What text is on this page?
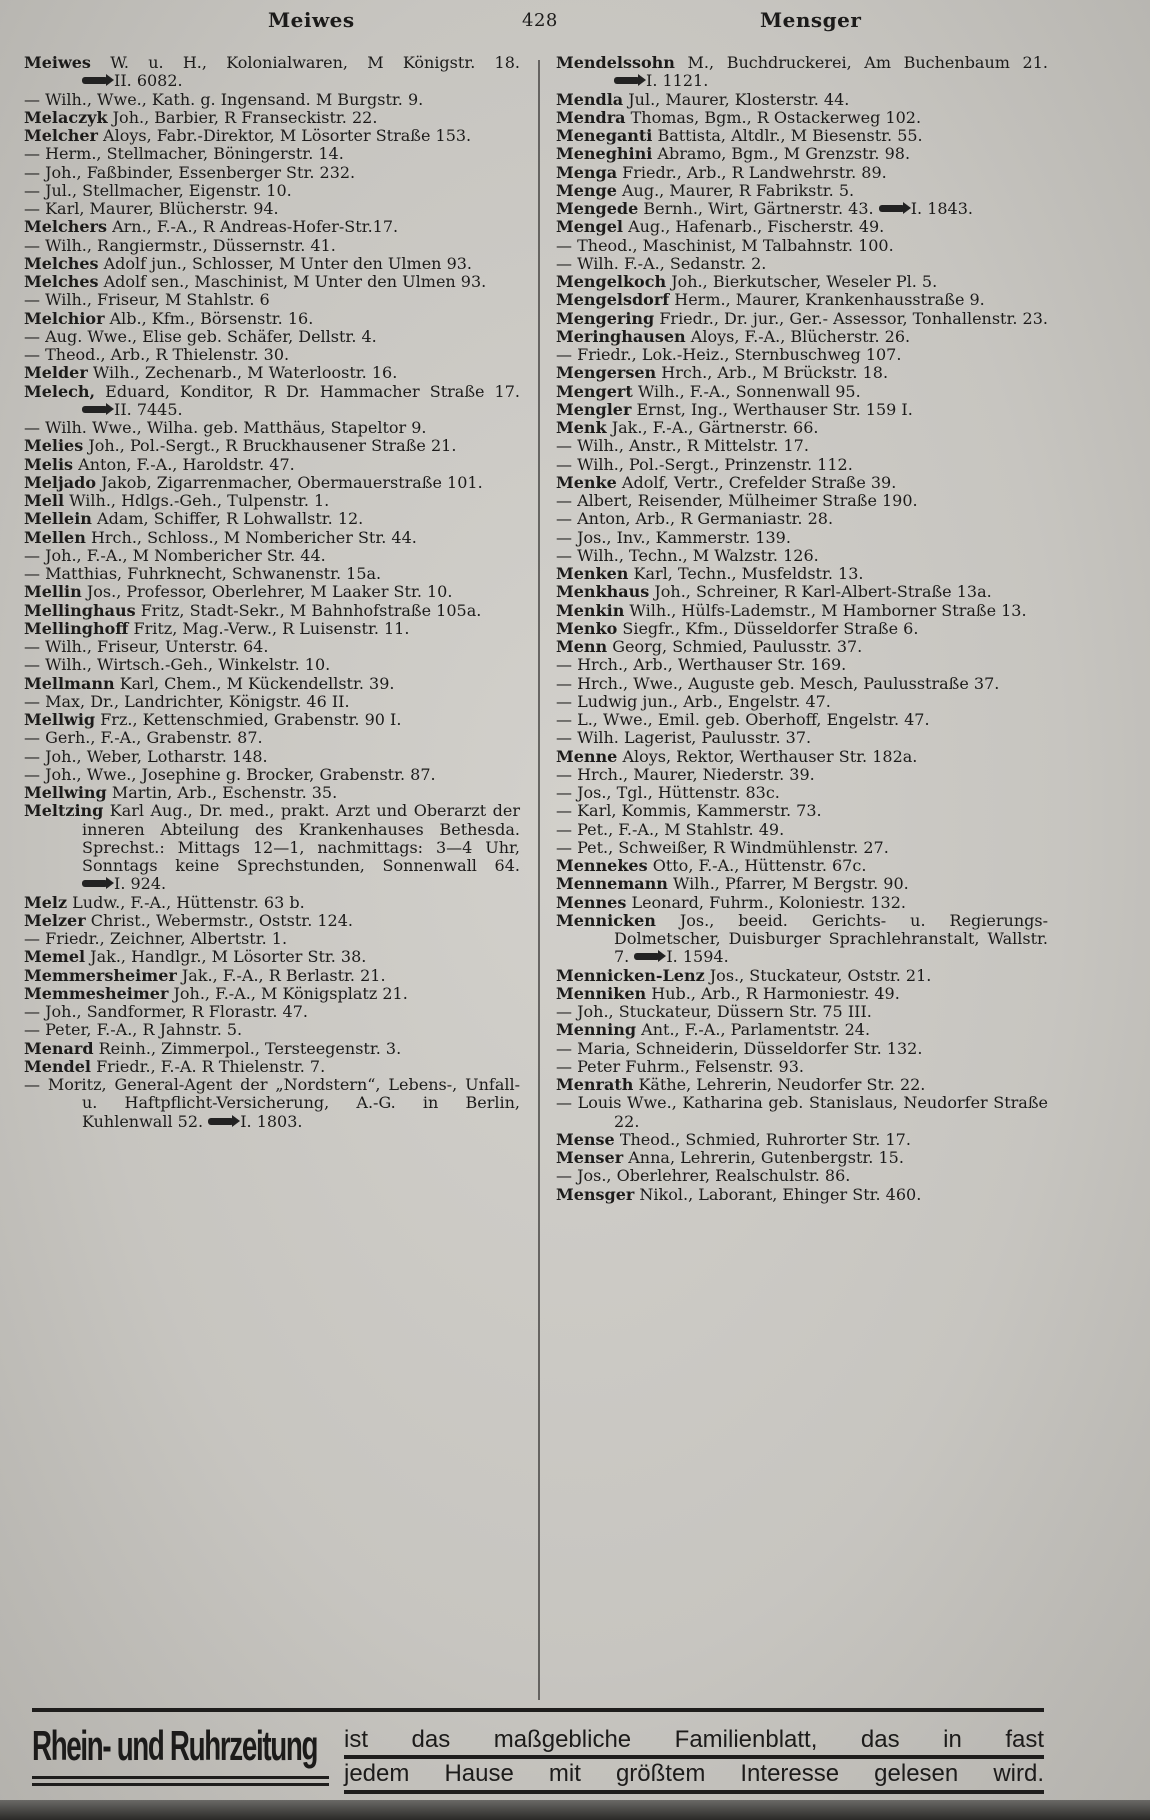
Meiwes	428	Mensger

Meiwes W. u. H., Kolonialwaren, M Königstr. 18. II. 6082.

— Wilh., Wwe., Kath. g. Ingensand. M Burgstr. 9.

Melaczyk Joh., Barbier, R Franseckistr. 22.

Melcher Aloys, Fabr.-Direktor, M Lösorter Straße 153.

— Herm., Stellmacher, Böningerstr. 14.

— Joh., Faßbinder, Essenberger Str. 232.

— Jul., Stellmacher, Eigenstr. 10.

— Karl, Maurer, Blücherstr. 94.

Melchers Arn., F.-A., R Andreas-Hofer-Str.17.

— Wilh., Rangiermstr., Düssernstr. 41.

Melches Adolf jun., Schlosser, M Unter den Ulmen 93.

Melches Adolf sen., Maschinist, M Unter den Ulmen 93.

— Wilh., Friseur, M Stahlstr. 6

Melchior Alb., Kfm., Börsenstr. 16.

— Aug. Wwe., Elise geb. Schäfer, Dellstr. 4.

— Theod., Arb., R Thielenstr. 30.

Melder Wilh., Zechenarb., M Waterloostr. 16.

Melech, Eduard, Konditor, R Dr. Hammacher Straße 17. II. 7445.

— Wilh. Wwe., Wilha. geb. Matthäus, Stapeltor 9.

Melies Joh., Pol.-Sergt., R Bruckhausener Straße 21.

Melis Anton, F.-A., Haroldstr. 47.

Meljado Jakob, Zigarrenmacher, Obermauerstraße 101.

Mell Wilh., Hdlgs.-Geh., Tulpenstr. 1.

Mellein Adam, Schiffer, R Lohwallstr. 12.

Mellen Hrch., Schloss., M Nombericher Str. 44.

— Joh., F.-A., M Nombericher Str. 44.

— Matthias, Fuhrknecht, Schwanenstr. 15a.

Mellin Jos., Professor, Oberlehrer, M Laaker Str. 10.

Mellinghaus Fritz, Stadt-Sekr., M Bahnhofstraße 105a.

Mellinghoff Fritz, Mag.-Verw., R Luisenstr. 11.

— Wilh., Friseur, Unterstr. 64.

— Wilh., Wirtsch.-Geh., Winkelstr. 10.

Mellmann Karl, Chem., M Kückendellstr. 39.

— Max, Dr., Landrichter, Königstr. 46 II.

Mellwig Frz., Kettenschmied, Grabenstr. 90 I.

— Gerh., F.-A., Grabenstr. 87.

— Joh., Weber, Lotharstr. 148.

— Joh., Wwe., Josephine g. Brocker, Grabenstr. 87.

Mellwing Martin, Arb., Eschenstr. 35.

Meltzing Karl Aug., Dr. med., prakt. Arzt und Oberarzt der inneren Abteilung des Krankenhauses Bethesda. Sprechst.: Mittags 12—1, nachmittags: 3—4 Uhr, Sonntags keine Sprechstunden, Sonnenwall 64. I. 924.

Melz Ludw., F.-A., Hüttenstr. 63 b.

Melzer Christ., Webermstr., Oststr. 124.

— Friedr., Zeichner, Albertstr. 1.

Memel Jak., Handlgr., M Lösorter Str. 38.

Memmersheimer Jak., F.-A., R Berlastr. 21.

Memmesheimer Joh., F.-A., M Königsplatz 21.

— Joh., Sandformer, R Florastr. 47.

— Peter, F.-A., R Jahnstr. 5.

Menard Reinh., Zimmerpol., Tersteegenstr. 3.

Mendel Friedr., F.-A. R Thielenstr. 7.

— Moritz, General-Agent der „Nordstern“, Lebens-, Unfall- u. Haftpflicht-Versicherung, A.-G. in Berlin, Kuhlenwall 52. I. 1803.

Mendelssohn M., Buchdruckerei, Am Buchenbaum 21. I. 1121.

Mendla Jul., Maurer, Klosterstr. 44.

Mendra Thomas, Bgm., R Ostackerweg 102.

Meneganti Battista, Altdlr., M Biesenstr. 55.

Meneghini Abramo, Bgm., M Grenzstr. 98.

Menga Friedr., Arb., R Landwehrstr. 89.

Menge Aug., Maurer, R Fabrikstr. 5.

Mengede Bernh., Wirt, Gärtnerstr. 43. I. 1843.

Mengel Aug., Hafenarb., Fischerstr. 49.

— Theod., Maschinist, M Talbahnstr. 100.

— Wilh. F.-A., Sedanstr. 2.

Mengelkoch Joh., Bierkutscher, Weseler Pl. 5.

Mengelsdorf Herm., Maurer, Krankenhausstraße 9.

Mengering Friedr., Dr. jur., Ger.- Assessor, Tonhallenstr. 23.

Meringhausen Aloys, F.-A., Blücherstr. 26.

— Friedr., Lok.-Heiz., Sternbuschweg 107.

Mengersen Hrch., Arb., M Brückstr. 18.

Mengert Wilh., F.-A., Sonnenwall 95.

Mengler Ernst, Ing., Werthauser Str. 159 I.

Menk Jak., F.-A., Gärtnerstr. 66.

— Wilh., Anstr., R Mittelstr. 17.

— Wilh., Pol.-Sergt., Prinzenstr. 112.

Menke Adolf, Vertr., Crefelder Straße 39.

— Albert, Reisender, Mülheimer Straße 190.

— Anton, Arb., R Germaniastr. 28.

— Jos., Inv., Kammerstr. 139.

— Wilh., Techn., M Walzstr. 126.

Menken Karl, Techn., Musfeldstr. 13.

Menkhaus Joh., Schreiner, R Karl-Albert-Straße 13a.

Menkin Wilh., Hülfs-Lademstr., M Hamborner Straße 13.

Menko Siegfr., Kfm., Düsseldorfer Straße 6.

Menn Georg, Schmied, Paulusstr. 37.

— Hrch., Arb., Werthauser Str. 169.

— Hrch., Wwe., Auguste geb. Mesch, Paulusstraße 37.

— Ludwig jun., Arb., Engelstr. 47.

— L., Wwe., Emil. geb. Oberhoff, Engelstr. 47.

— Wilh. Lagerist, Paulusstr. 37.

Menne Aloys, Rektor, Werthauser Str. 182a.

— Hrch., Maurer, Niederstr. 39.

— Jos., Tgl., Hüttenstr. 83c.

— Karl, Kommis, Kammerstr. 73.

— Pet., F.-A., M Stahlstr. 49.

— Pet., Schweißer, R Windmühlenstr. 27.

Mennekes Otto, F.-A., Hüttenstr. 67c.

Mennemann Wilh., Pfarrer, M Bergstr. 90.

Mennes Leonard, Fuhrm., Koloniestr. 132.

Mennicken Jos., beeid. Gerichts- u. Regierungs-Dolmetscher, Duisburger Sprachlehranstalt, Wallstr. 7. I. 1594.

Mennicken-Lenz Jos., Stuckateur, Oststr. 21.

Menniken Hub., Arb., R Harmoniestr. 49.

— Joh., Stuckateur, Düssern Str. 75 III.

Menning Ant., F.-A., Parlamentstr. 24.

— Maria, Schneiderin, Düsseldorfer Str. 132.

— Peter Fuhrm., Felsenstr. 93.

Menrath Käthe, Lehrerin, Neudorfer Str. 22.

— Louis Wwe., Katharina geb. Stanislaus, Neudorfer Straße 22.

Mense Theod., Schmied, Ruhrorter Str. 17.

Menser Anna, Lehrerin, Gutenbergstr. 15.

— Jos., Oberlehrer, Realschulstr. 86.

Mensger Nikol., Laborant, Ehinger Str. 460.

Rhein- und Ruhrzeitung ist das maßgebliche Familienblatt, das in fast
jedem Hause mit größtem Interesse gelesen wird.
